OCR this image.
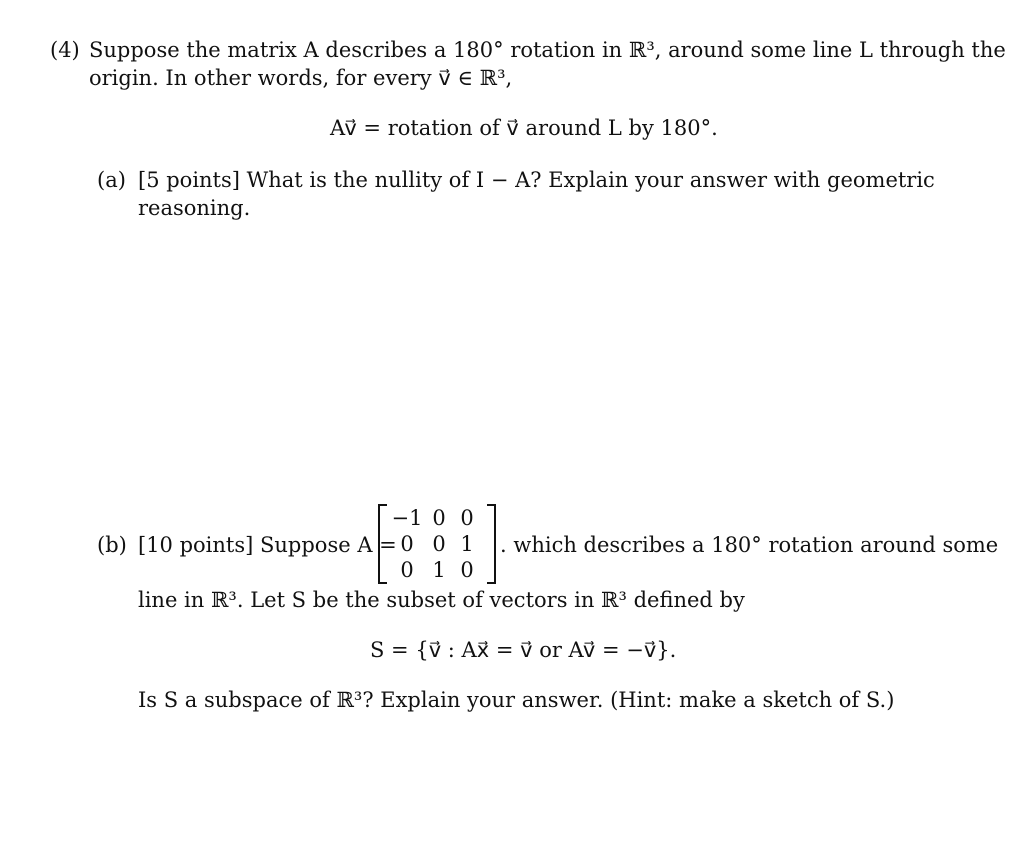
(4) Suppose the matrix A describes a 180° rotation in ℝ³, around some line L through the
origin. In other words, for every v⃗ ∈ ℝ³,
Av⃗ = rotation of v⃗ around L by 180°.
(a) [5 points] What is the nullity of I − A? Explain your answer with geometric
reasoning.
(b) [10 points] Suppose A =
−1 0 0
0 0 1
0 1 0
. which describes a 180° rotation around some
line in ℝ³. Let S be the subset of vectors in ℝ³ defined by
S = {v⃗ : Ax⃗ = v⃗ or Av⃗ = −v⃗}.
Is S a subspace of ℝ³? Explain your answer. (Hint: make a sketch of S.)
